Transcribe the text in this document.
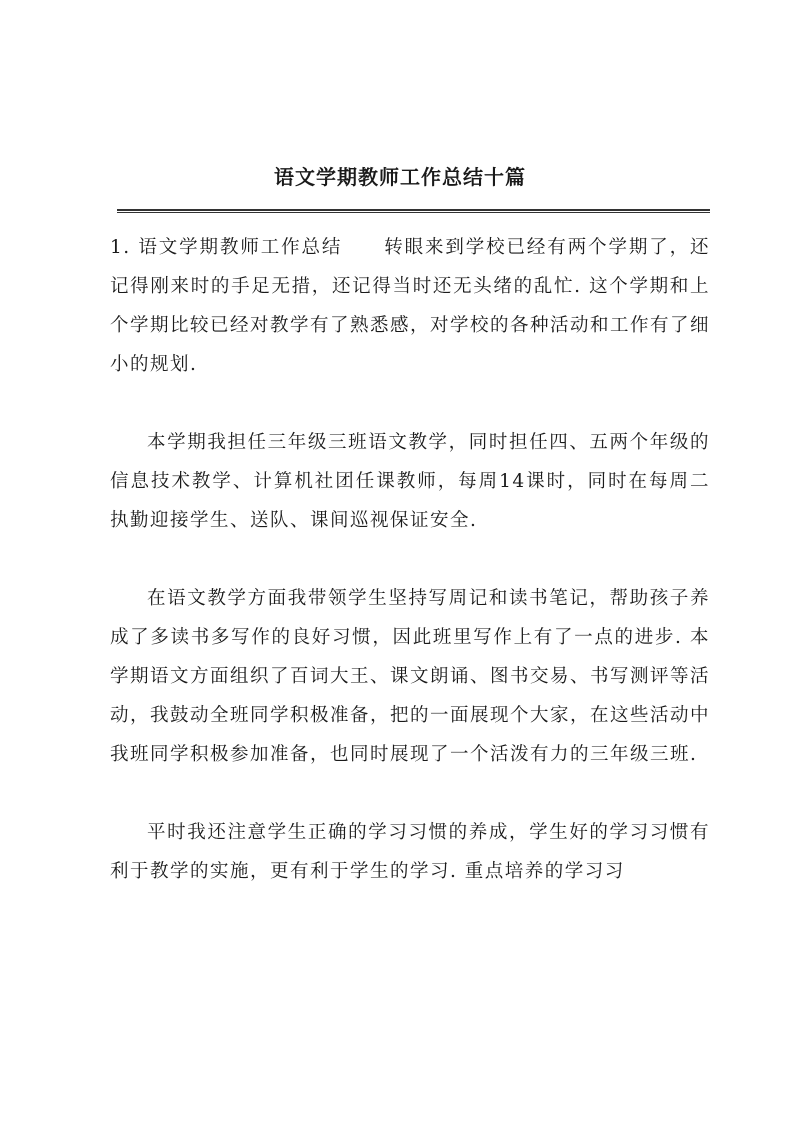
语文学期教师工作总结十篇

1. 语文学期教师工作总结 转眼来到学校已经有两个学期了，还记得刚来时的手足无措，还记得当时还无头绪的乱忙. 这个学期和上个学期比较已经对教学有了熟悉感，对学校的各种活动和工作有了细小的规划.

本学期我担任三年级三班语文教学，同时担任四、五两个年级的信息技术教学、计算机社团任课教师，每周14课时，同时在每周二执勤迎接学生、送队、课间巡视保证安全.

在语文教学方面我带领学生坚持写周记和读书笔记，帮助孩子养成了多读书多写作的良好习惯，因此班里写作上有了一点的进步. 本学期语文方面组织了百词大王、课文朗诵、图书交易、书写测评等活动，我鼓动全班同学积极准备，把的一面展现个大家，在这些活动中我班同学积极参加准备，也同时展现了一个活泼有力的三年级三班.

平时我还注意学生正确的学习习惯的养成，学生好的学习习惯有利于教学的实施，更有利于学生的学习. 重点培养的学习习
